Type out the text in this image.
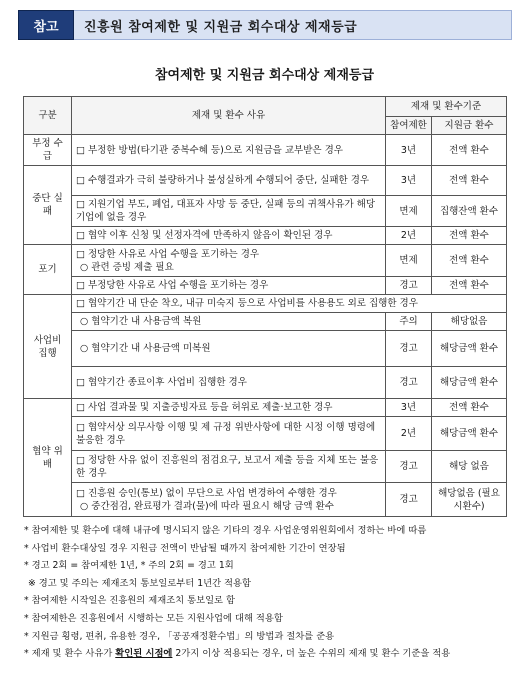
참고	진흥원 참여제한 및 지원금 회수대상 제재등급
참여제한 및 지원금 회수대상 제재등급
구분	제재 및 환수 사유	제재 및 환수기준	
		참여제한	지원금 환수
부정 수급	□ 부정한 방법(타기관 중복수혜 등)으로 지원금을 교부받은 경우	3년	전액 환수
중단 실패	□ 수행결과가 극히 불량하거나 불성실하게 수행되어 중단, 실패한 경우	3년	전액 환수
	□ 지원기업 부도, 폐업, 대표자 사망 등 중단, 실패 등의 귀책사유가 해당 기업에 없을 경우	면제	집행잔액 환수
	□ 협약 이후 신청 및 선정자격에 만족하지 않음이 확인된 경우	2년	전액 환수
포기	□ 정당한 사유로 사업 수행을 포기하는 경우
○ 관련 증빙 제출 필요	면제	전액 환수
	□ 부정당한 사유로 사업 수행을 포기하는 경우	경고	전액 환수
사업비 집행	□ 협약기간 내 단순 착오, 내규 미숙지 등으로 사업비를 사용용도 외로 집행한 경우		
	○ 협약기간 내 사용금액 복원	주의	해당없음
	○ 협약기간 내 사용금액 미복원	경고	해당금액 환수
	□ 협약기간 종료이후 사업비 집행한 경우	경고	해당금액 환수
협약 위배	□ 사업 결과물 및 지출증빙자료 등을 허위로 제출·보고한 경우	3년	전액 환수
	□ 협약서상 의무사항 이행 및 제 규정 위반사항에 대한 시정 이행 명령에 불응한 경우	2년	해당금액 환수
	□ 정당한 사유 없이 진흥원의 점검요구, 보고서 제출 등을 지체 또는 불응한 경우	경고	해당 없음

	□ 진흥원 승인(통보) 없이 무단으로 사업 변경하여 수행한 경우
○ 중간점검, 완료평가 결과(물)에 따라 필요시 해당 금액 환수	경고	해당없음 (필요시환수)
* 참여제한 및 환수에 대해 내규에 명시되지 않은 기타의 경우 사업운영위원회에서 정하는 바에 따름
* 사업비 환수대상일 경우 지원금 전액이 반납될 때까지 참여제한 기간이 연장됨
* 경고 2회 = 참여제한 1년, * 주의 2회 = 경고 1회
※ 경고 및 주의는 제재조치 통보일로부터 1년간 적용함
* 참여제한 시작일은 진흥원의 제재조치 통보일로 함
* 참여제한은 진흥원에서 시행하는 모든 지원사업에 대해 적용함
* 지원금 횡령, 편취, 유용한 경우, 「공공재정환수법」의 방법과 절차를 준용
* 제재 및 환수 사유가 확인된 시점에 2가지 이상 적용되는 경우, 더 높은 수위의 제재 및 환수 기준을 적용
